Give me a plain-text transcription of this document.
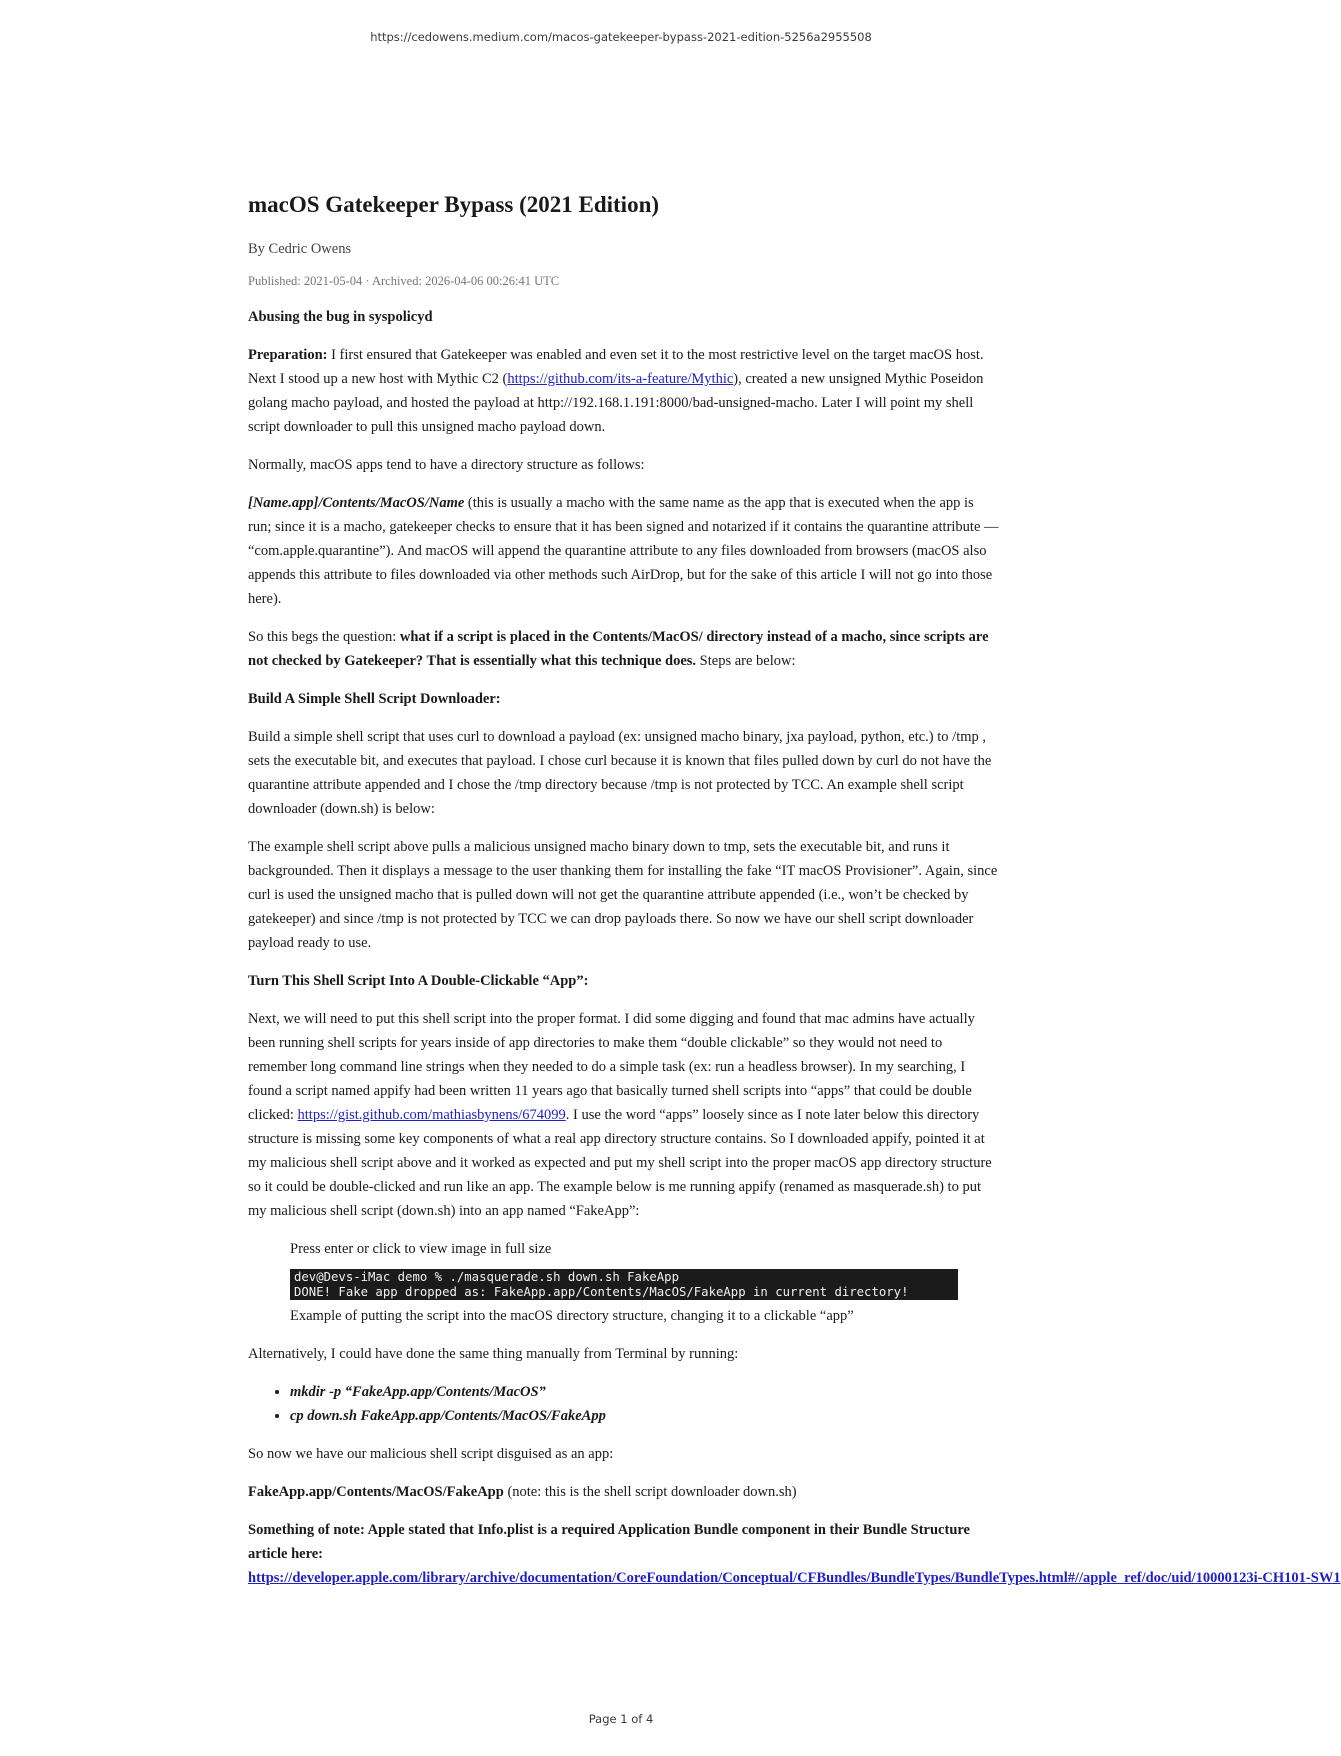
https://cedowens.medium.com/macos-gatekeeper-bypass-2021-edition-5256a2955508
macOS Gatekeeper Bypass (2021 Edition)
By Cedric Owens
Published: 2021-05-04 · Archived: 2026-04-06 00:26:41 UTC

Abusing the bug in syspolicyd

Preparation: I first ensured that Gatekeeper was enabled and even set it to the most restrictive level on the target macOS host. Next I stood up a new host with Mythic C2 (https://github.com/its-a-feature/Mythic), created a new unsigned Mythic Poseidon golang macho payload, and hosted the payload at http://192.168.1.191:8000/bad-unsigned-macho. Later I will point my shell script downloader to pull this unsigned macho payload down.

Normally, macOS apps tend to have a directory structure as follows:

[Name.app]/Contents/MacOS/Name (this is usually a macho with the same name as the app that is executed when the app is run; since it is a macho, gatekeeper checks to ensure that it has been signed and notarized if it contains the quarantine attribute — “com.apple.quarantine”). And macOS will append the quarantine attribute to any files downloaded from browsers (macOS also appends this attribute to files downloaded via other methods such AirDrop, but for the sake of this article I will not go into those here).

So this begs the question: what if a script is placed in the Contents/MacOS/ directory instead of a macho, since scripts are not checked by Gatekeeper? That is essentially what this technique does. Steps are below:

Build A Simple Shell Script Downloader:

Build a simple shell script that uses curl to download a payload (ex: unsigned macho binary, jxa payload, python, etc.) to /tmp , sets the executable bit, and executes that payload. I chose curl because it is known that files pulled down by curl do not have the quarantine attribute appended and I chose the /tmp directory because /tmp is not protected by TCC. An example shell script downloader (down.sh) is below:

The example shell script above pulls a malicious unsigned macho binary down to tmp, sets the executable bit, and runs it backgrounded. Then it displays a message to the user thanking them for installing the fake “IT macOS Provisioner”. Again, since curl is used the unsigned macho that is pulled down will not get the quarantine attribute appended (i.e., won’t be checked by gatekeeper) and since /tmp is not protected by TCC we can drop payloads there. So now we have our shell script downloader payload ready to use.

Turn This Shell Script Into A Double-Clickable “App”:

Next, we will need to put this shell script into the proper format. I did some digging and found that mac admins have actually been running shell scripts for years inside of app directories to make them “double clickable” so they would not need to remember long command line strings when they needed to do a simple task (ex: run a headless browser). In my searching, I found a script named appify had been written 11 years ago that basically turned shell scripts into “apps” that could be double clicked: https://gist.github.com/mathiasbynens/674099. I use the word “apps” loosely since as I note later below this directory structure is missing some key components of what a real app directory structure contains. So I downloaded appify, pointed it at my malicious shell script above and it worked as expected and put my shell script into the proper macOS app directory structure so it could be double-clicked and run like an app. The example below is me running appify (renamed as masquerade.sh) to put my malicious shell script (down.sh) into an app named “FakeApp”:

Press enter or click to view image in full size
dev@Devs-iMac demo % ./masquerade.sh down.sh FakeApp
DONE! Fake app dropped as: FakeApp.app/Contents/MacOS/FakeApp in current directory!
Example of putting the script into the macOS directory structure, changing it to a clickable “app”

Alternatively, I could have done the same thing manually from Terminal by running:

• mkdir -p “FakeApp.app/Contents/MacOS”
• cp down.sh FakeApp.app/Contents/MacOS/FakeApp

So now we have our malicious shell script disguised as an app:

FakeApp.app/Contents/MacOS/FakeApp (note: this is the shell script downloader down.sh)

Something of note: Apple stated that Info.plist is a required Application Bundle component in their Bundle Structure article here:
https://developer.apple.com/library/archive/documentation/CoreFoundation/Conceptual/CFBundles/BundleTypes/BundleTypes.html#//apple_ref/doc/uid/10000123i-CH101-SW1

Page 1 of 4
